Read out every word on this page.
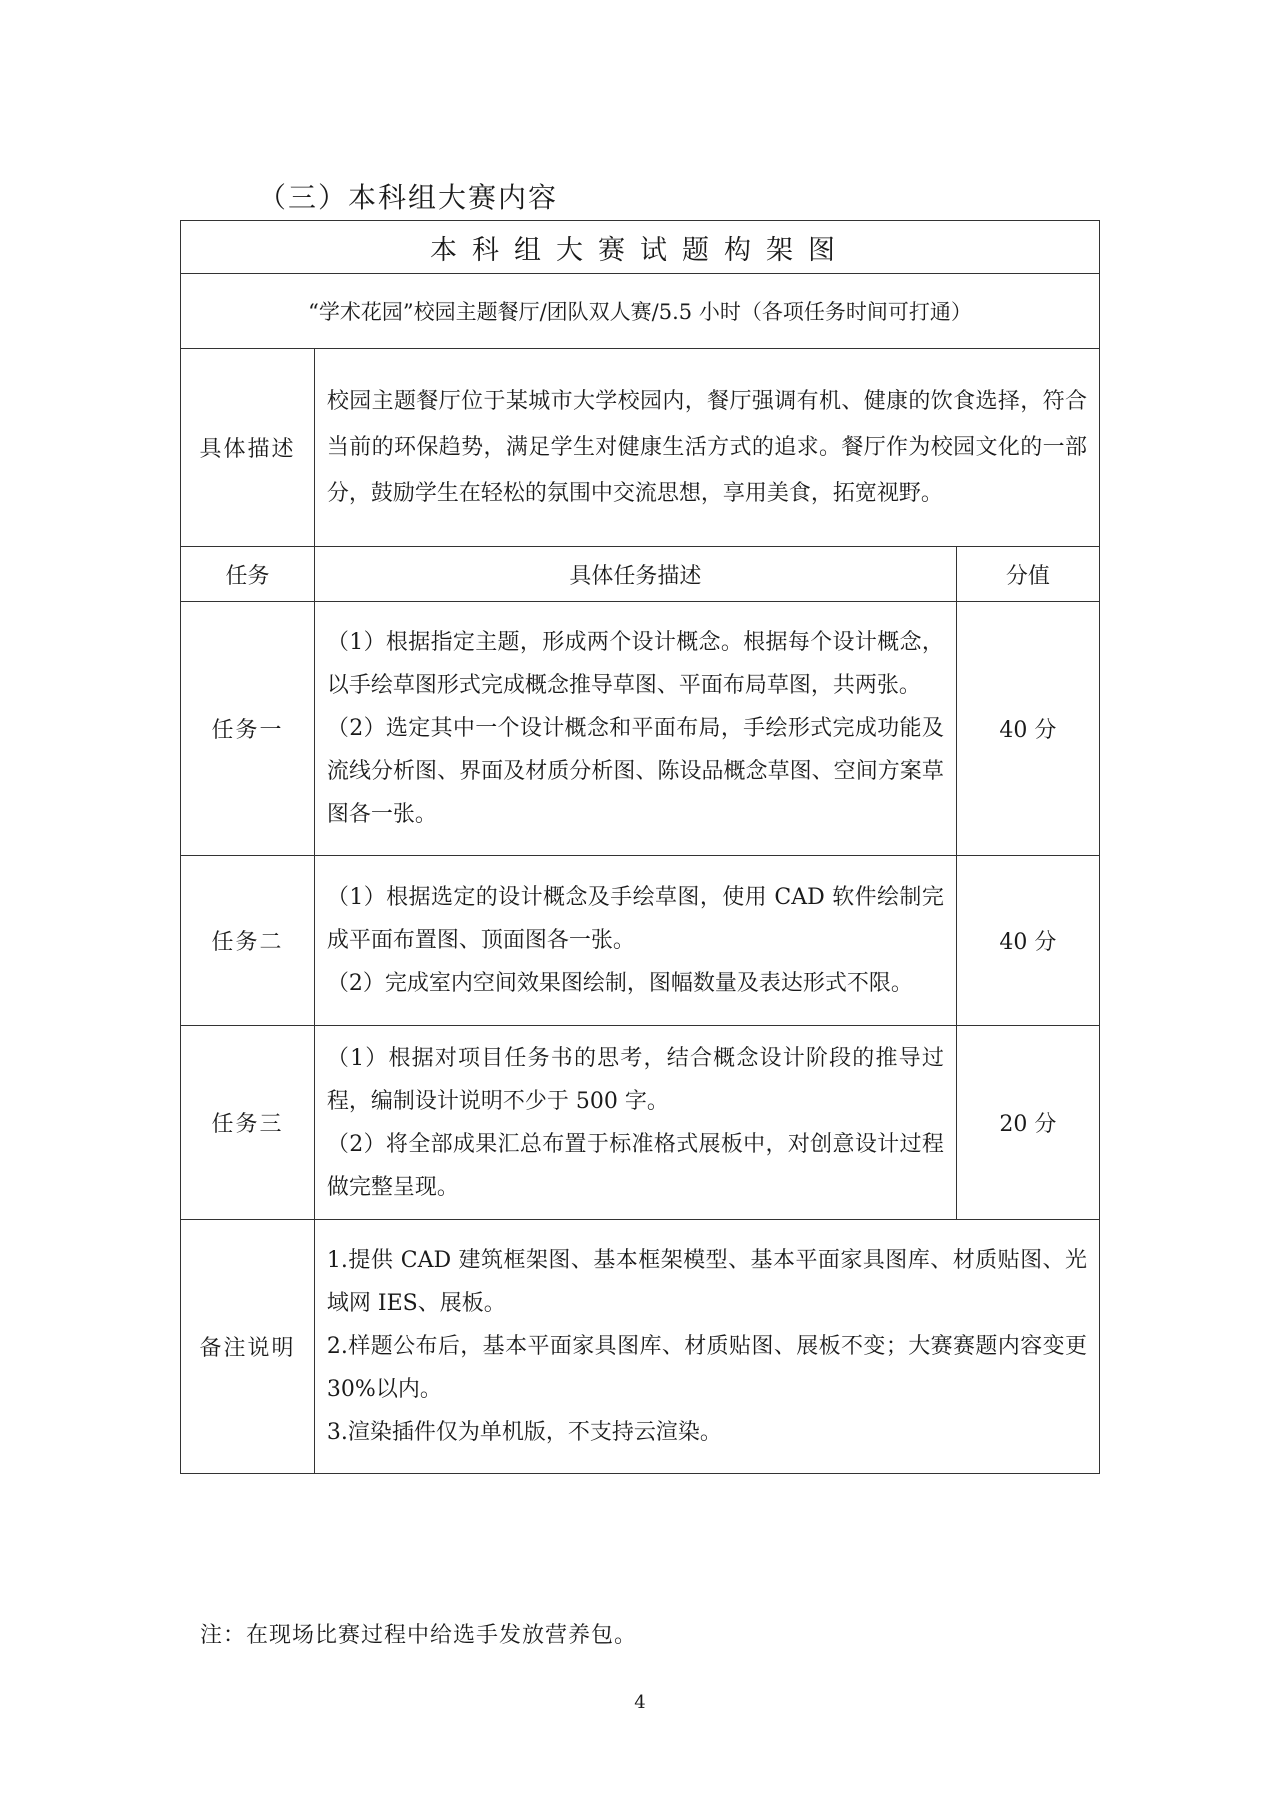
（三）本科组大赛内容
本科组大赛试题构架图		
“学术花园”校园主题餐厅/团队双人赛/5.5 小时（各项任务时间可打通）		
具体描述	校园主题餐厅位于某城市大学校园内，餐厅强调有机、健康的饮食选择，符合当前的环保趋势，满足学生对健康生活方式的追求。餐厅作为校园文化的一部分，鼓励学生在轻松的氛围中交流思想，享用美食，拓宽视野。	
任务	具体任务描述	分值
任务一	（1）根据指定主题，形成两个设计概念。根据每个设计概念，以手绘草图形式完成概念推导草图、平面布局草图，共两张。
（2）选定其中一个设计概念和平面布局，手绘形式完成功能及流线分析图、界面及材质分析图、陈设品概念草图、空间方案草图各一张。	40 分
任务二	（1）根据选定的设计概念及手绘草图，使用 CAD 软件绘制完成平面布置图、顶面图各一张。
（2）完成室内空间效果图绘制，图幅数量及表达形式不限。	40 分
任务三	（1）根据对项目任务书的思考，结合概念设计阶段的推导过程，编制设计说明不少于 500 字。
（2）将全部成果汇总布置于标准格式展板中，对创意设计过程做完整呈现。	20 分
备注说明	1.提供 CAD 建筑框架图、基本框架模型、基本平面家具图库、材质贴图、光域网 IES、展板。
2.样题公布后，基本平面家具图库、材质贴图、展板不变；大赛赛题内容变更 30%以内。
3.渲染插件仅为单机版，不支持云渲染。	
注：在现场比赛过程中给选手发放营养包。
4
